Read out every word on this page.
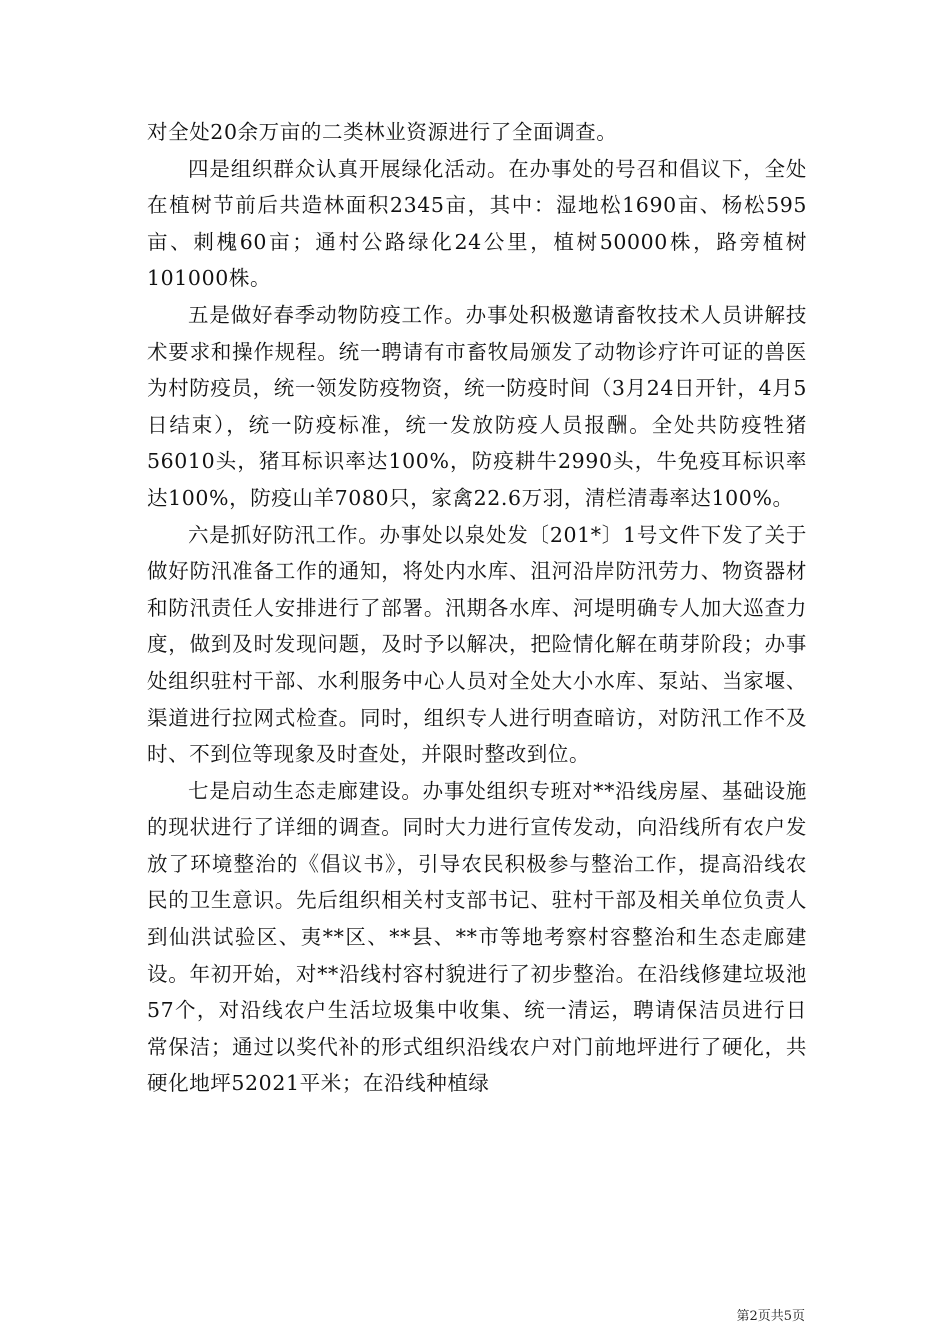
对全处20余万亩的二类林业资源进行了全面调查。

四是组织群众认真开展绿化活动。在办事处的号召和倡议下，全处在植树节前后共造林面积2345亩，其中：湿地松1690亩、杨松595亩、刺槐60亩；通村公路绿化24公里，植树50000株，路旁植树101000株。

五是做好春季动物防疫工作。办事处积极邀请畜牧技术人员讲解技术要求和操作规程。统一聘请有市畜牧局颁发了动物诊疗许可证的兽医为村防疫员，统一领发防疫物资，统一防疫时间（3月24日开针，4月5日结束），统一防疫标准，统一发放防疫人员报酬。全处共防疫牲猪56010头，猪耳标识率达100%，防疫耕牛2990头，牛免疫耳标识率达100%，防疫山羊7080只，家禽22.6万羽，清栏清毒率达100%。

六是抓好防汛工作。办事处以泉处发〔201*〕1号文件下发了关于做好防汛准备工作的通知，将处内水库、沮河沿岸防汛劳力、物资器材和防汛责任人安排进行了部署。汛期各水库、河堤明确专人加大巡查力度，做到及时发现问题，及时予以解决，把险情化解在萌芽阶段；办事处组织驻村干部、水利服务中心人员对全处大小水库、泵站、当家堰、渠道进行拉网式检查。同时，组织专人进行明查暗访，对防汛工作不及时、不到位等现象及时查处，并限时整改到位。

七是启动生态走廊建设。办事处组织专班对**沿线房屋、基础设施的现状进行了详细的调查。同时大力进行宣传发动，向沿线所有农户发放了环境整治的《倡议书》，引导农民积极参与整治工作，提高沿线农民的卫生意识。先后组织相关村支部书记、驻村干部及相关单位负责人到仙洪试验区、夷**区、**县、**市等地考察村容整治和生态走廊建设。年初开始，对**沿线村容村貌进行了初步整治。在沿线修建垃圾池57个，对沿线农户生活垃圾集中收集、统一清运，聘请保洁员进行日常保洁；通过以奖代补的形式组织沿线农户对门前地坪进行了硬化，共硬化地坪52021平米；在沿线种植绿

第2页共5页
